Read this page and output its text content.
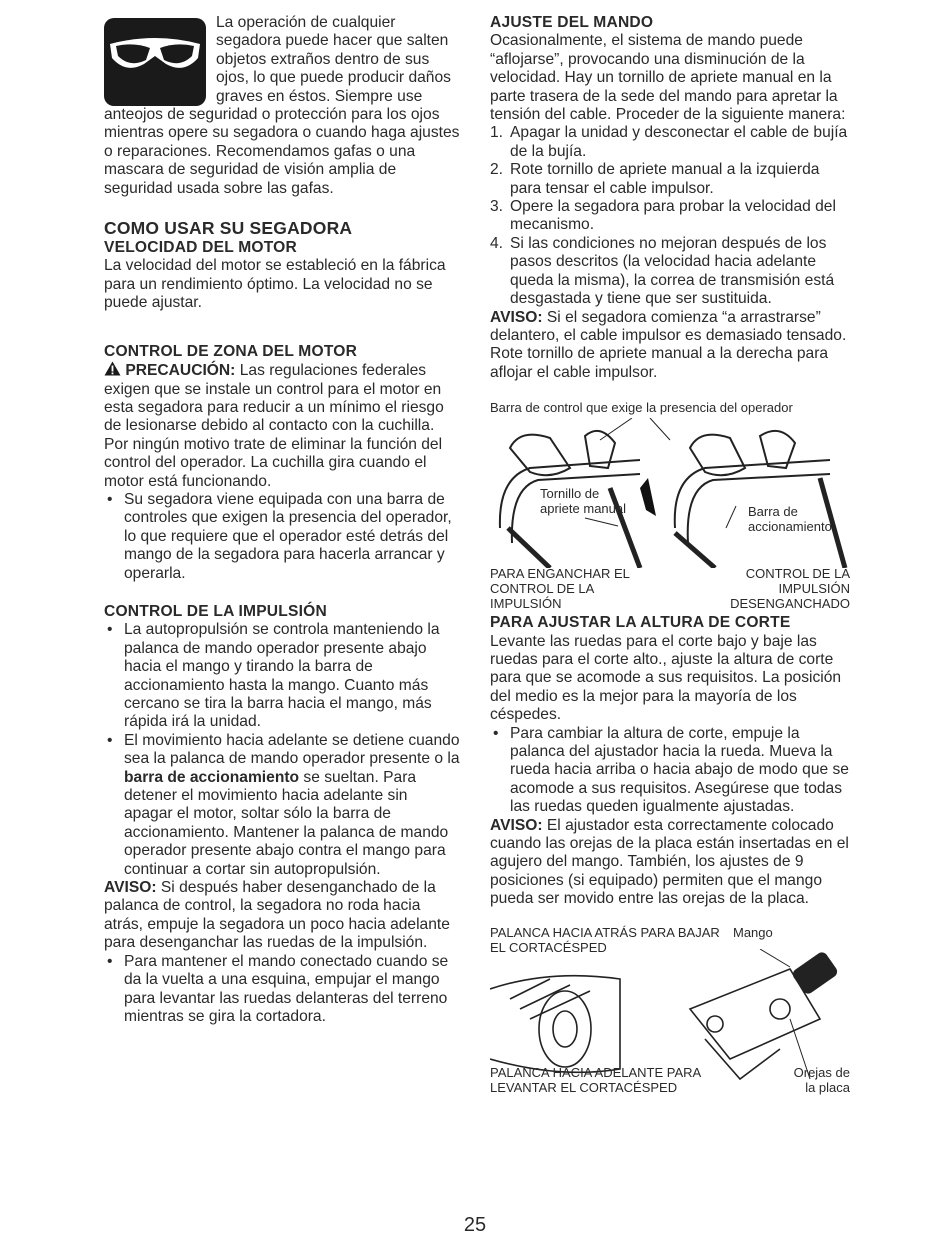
La operación de cualquier segadora puede hacer que salten objetos extraños dentro de sus ojos, lo que puede producir daños graves en éstos. Siempre use anteojos de seguridad o protección para los ojos mientras opere su segadora o cuando haga ajustes o reparaciones. Recomendamos gafas o una mascara de seguridad de visión amplia de seguridad usada sobre las gafas.

COMO USAR SU SEGADORA
VELOCIDAD DEL MOTOR

La velocidad del motor se estableció en la fábrica para un rendimiento óptimo. La velocidad no se puede ajustar.

CONTROL DE ZONA DEL MOTOR

PRECAUCIÓN: Las regulaciones federales exigen que se instale un control para el motor en esta segadora para reducir a un mínimo el riesgo de lesionarse debido al contacto con la cuchilla. Por ningún motivo trate de eliminar la función del control del operador. La cuchilla gira cuando el motor está funcionando.

• Su segadora viene equipada con una barra de controles que exigen la presencia del operador, lo que requiere que el operador esté detrás del mango de la segadora para hacerla arrancar y operarla.

CONTROL DE LA IMPULSIÓN

• La autopropulsión se controla manteniendo la palanca de mando operador presente abajo hacia el mango y tirando la barra de accionamiento hasta la mango. Cuanto más cercano se tira la barra hacia el mango, más rápida irá la unidad.

• El movimiento hacia adelante se detiene cuando sea la palanca de mando operador presente o la barra de accionamiento se sueltan. Para detener el movimiento hacia adelante sin apagar el motor, soltar sólo la barra de accionamiento. Mantener la palanca de mando operador presente abajo contra el mango para continuar a cortar sin autopropulsión.

AVISO: Si después haber desenganchado de la palanca de control, la segadora no roda hacia atrás, empuje la segadora un poco hacia adelante para desenganchar las ruedas de la impulsión.

• Para mantener el mando conectado cuando se da la vuelta a una esquina, empujar el mango para levantar las ruedas delanteras del terreno mientras se gira la cortadora.

AJUSTE DEL MANDO

Ocasionalmente, el sistema de mando puede “aflojarse”, provocando una disminución de la velocidad. Hay un tornillo de apriete manual en la parte trasera de la sede del mando para apretar la tensión del cable. Proceder de la siguiente manera:

1. Apagar la unidad y desconectar el cable de bujía de la bujía.

2. Rote tornillo de apriete manual a la izquierda para tensar el cable impulsor.

3. Opere la segadora para probar la velocidad del mecanismo.

4. Si las condiciones no mejoran después de los pasos descritos (la velocidad hacia adelante queda la misma), la correa de transmisión está desgastada y tiene que ser sustituida.

AVISO: Si el segadora comienza “a arrastrarse” delantero, el cable impulsor es demasiado tensado. Rote tornillo de apriete manual a la derecha para aflojar el cable impulsor.

Barra de control que exige la presencia del operador
Tornillo de apriete manual	Barra de accionamiento
PARA ENGANCHAR EL CONTROL DE LA IMPULSIÓN
CONTROL DE LA IMPULSIÓN DESENGANCHADO
PARA AJUSTAR LA ALTURA DE CORTE

Levante las ruedas para el corte bajo y baje las ruedas para el corte alto., ajuste la altura de corte para que se acomode a sus requisitos. La posición del medio es la mejor para la mayoría de los céspedes.

• Para cambiar la altura de corte, empuje la palanca del ajustador hacia la rueda. Mueva la rueda hacia arriba o hacia abajo de modo que se acomode a sus requisitos. Asegúrese que todas las ruedas queden igualmente ajustadas.

AVISO: El ajustador esta correctamente colocado cuando las orejas de la placa están insertadas en el agujero del mango. También, los ajustes de 9 posiciones (si equipado) permiten que el mango pueda ser movido entre las orejas de la placa.

PALANCA HACIA ATRÁS PARA BAJAR EL CORTACÉSPED
Mango
PALANCA HACIA ADELANTE PARA LEVANTAR EL CORTACÉSPED
Orejas de la placa
25
